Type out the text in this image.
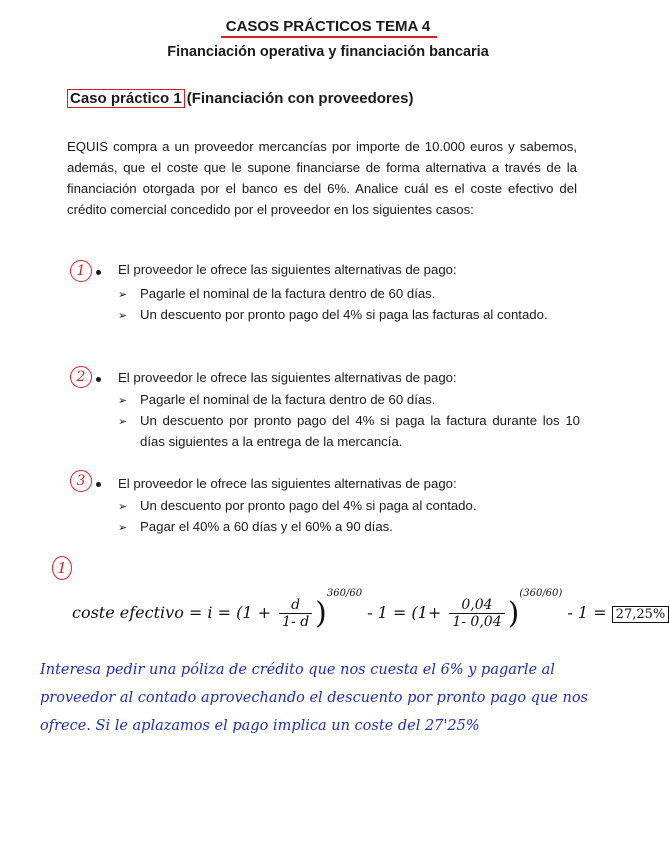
CASOS PRÁCTICOS TEMA 4
Financiación operativa y financiación bancaria
Caso práctico 1 (Financiación con proveedores)
EQUIS compra a un proveedor mercancías por importe de 10.000 euros y sabemos, además, que el coste que le supone financiarse de forma alternativa a través de la financiación otorgada por el banco es del 6%. Analice cuál es el coste efectivo del crédito comercial concedido por el proveedor en los siguientes casos:
1	El proveedor le ofrece las siguientes alternativas de pago:
➢ Pagarle el nominal de la factura dentro de 60 días.
➢ Un descuento por pronto pago del 4% si paga las facturas al contado.
2	El proveedor le ofrece las siguientes alternativas de pago:
➢ Pagarle el nominal de la factura dentro de 60 días.
➢ Un descuento por pronto pago del 4% si paga la factura durante los 10 días siguientes a la entrega de la mercancía.
3	El proveedor le ofrece las siguientes alternativas de pago:
➢ Un descuento por pronto pago del 4% si paga al contado.
➢ Pagar el 40% a 60 días y el 60% a 90 días.
1
coste efectivo = $i = (1 + \frac{d}{1- d} )^{360/60} - 1 = (1+ \frac{0,04}{1- 0,04} )^{(360/60)} - 1 = 27,25\%$
Interesa pedir una póliza de crédito que nos cuesta el 6% y pagarle al proveedor al contado aprovechando el descuento por pronto pago que nos ofrece. Si le aplazamos el pago implica un coste del 27'25%
